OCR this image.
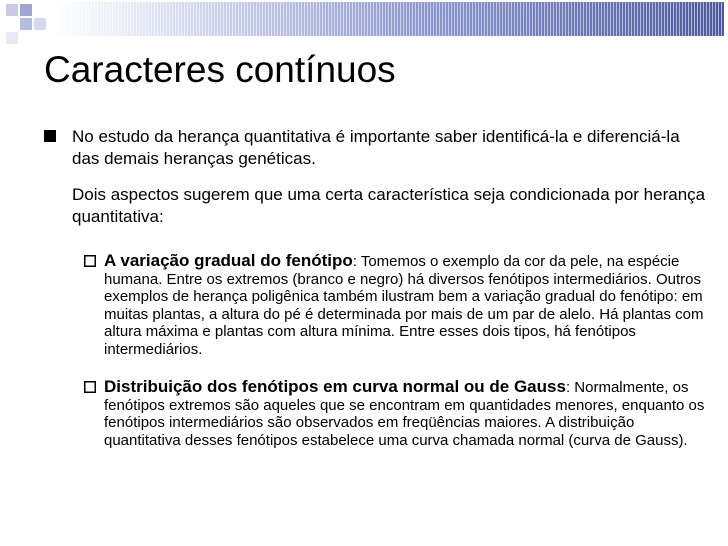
Caracteres contínuos

No estudo da herança quantitativa é importante saber identificá-la e diferenciá-la das demais heranças genéticas.

Dois aspectos sugerem que uma certa característica seja condicionada por herança quantitativa:

A variação gradual do fenótipo: Tomemos o exemplo da cor da pele, na espécie humana. Entre os extremos (branco e negro) há diversos fenótipos intermediários. Outros exemplos de herança poligênica também ilustram bem a variação gradual do fenótipo: em muitas plantas, a altura do pé é determinada por mais de um par de alelo. Há plantas com altura máxima e plantas com altura mínima. Entre esses dois tipos, há fenótipos intermediários.
Distribuição dos fenótipos em curva normal ou de Gauss: Normalmente, os fenótipos extremos são aqueles que se encontram em quantidades menores, enquanto os fenótipos intermediários são observados em freqüências maiores. A distribuição quantitativa desses fenótipos estabelece uma curva chamada normal (curva de Gauss).
